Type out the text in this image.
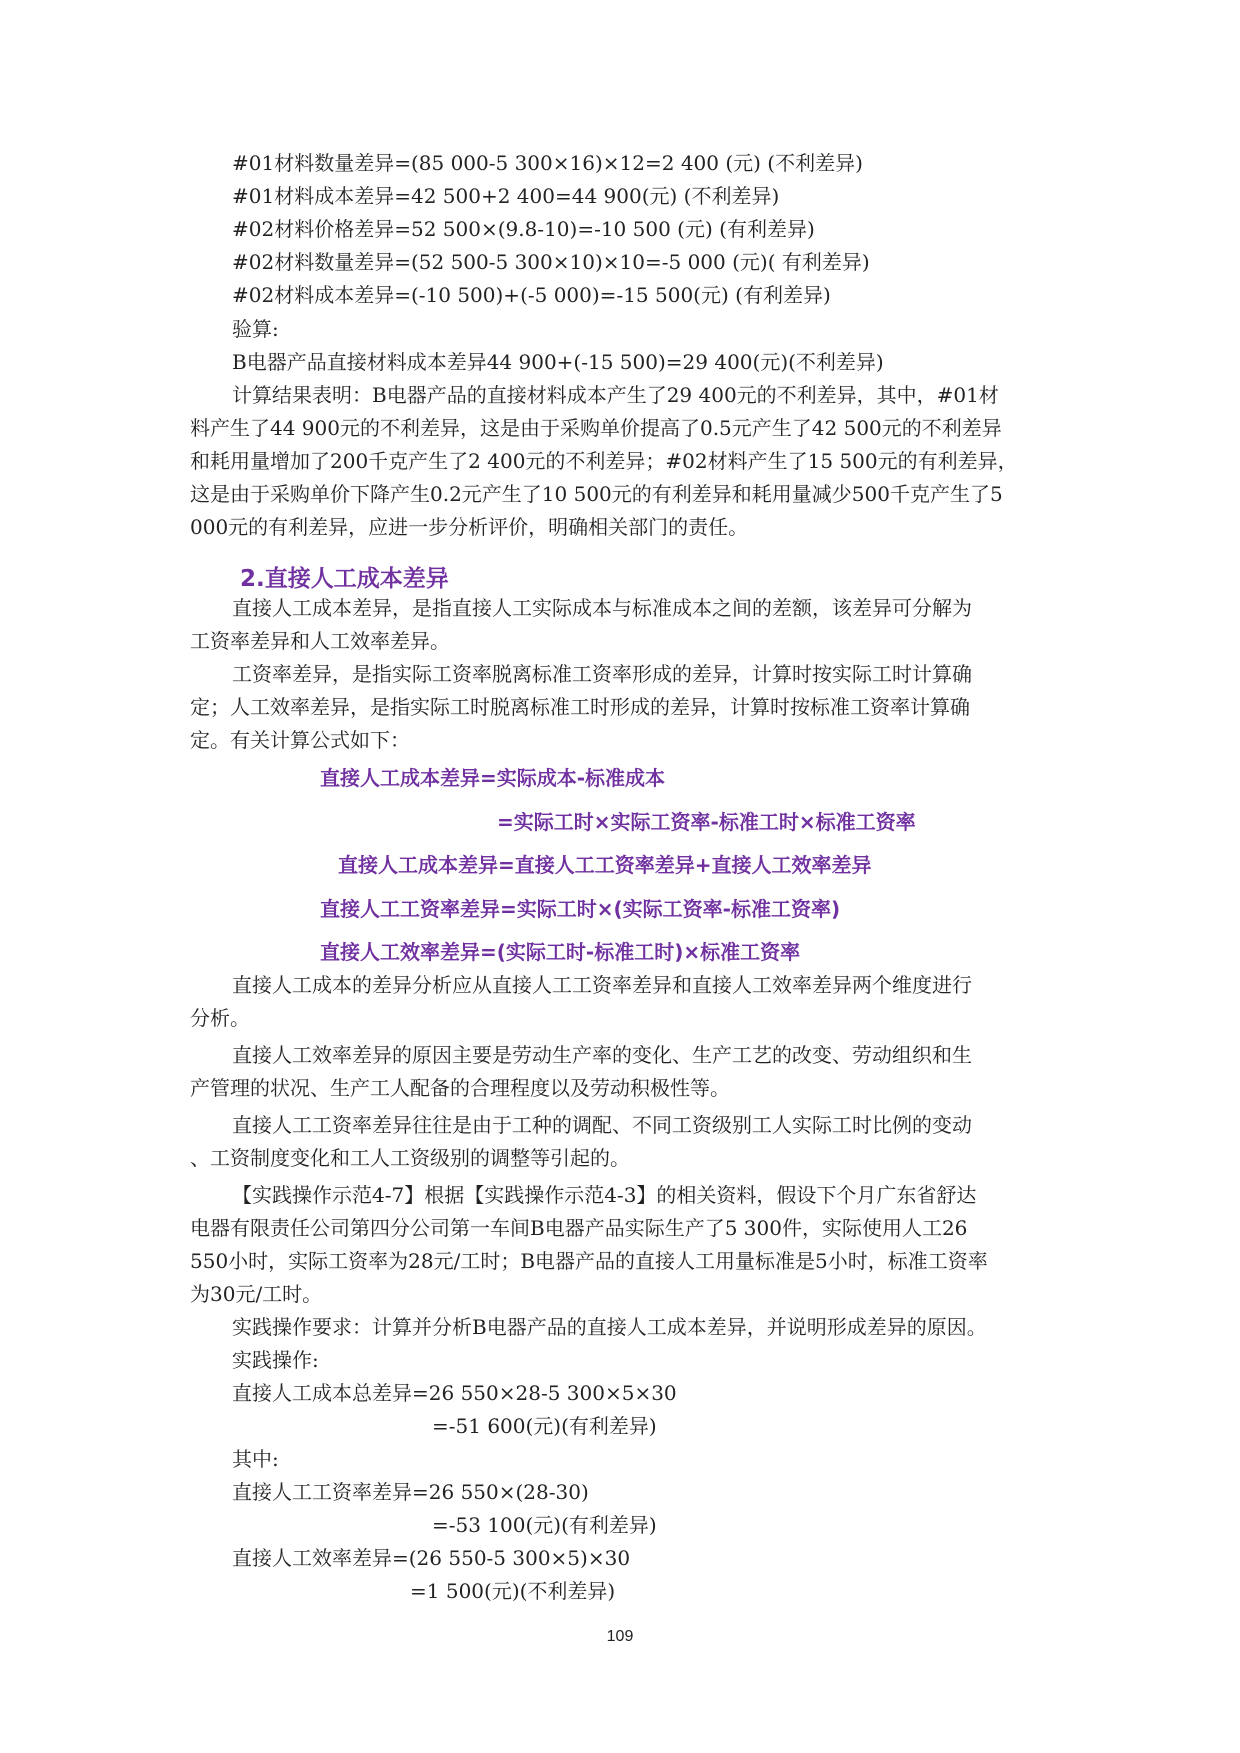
#01材料数量差异=(85 000-5 300×16)×12=2 400 (元) (不利差异)
#01材料成本差异=42 500+2 400=44 900(元) (不利差异)
#02材料价格差异=52 500×(9.8-10)=-10 500 (元) (有利差异)
#02材料数量差异=(52 500-5 300×10)×10=-5 000 (元)( 有利差异)
#02材料成本差异=(-10 500)+(-5 000)=-15 500(元) (有利差异)
验算:
B电器产品直接材料成本差异44 900+(-15 500)=29 400(元)(不利差异)
计算结果表明：B电器产品的直接材料成本产生了29 400元的不利差异，其中，#01材
料产生了44 900元的不利差异，这是由于采购单价提高了0.5元产生了42 500元的不利差异
和耗用量增加了200千克产生了2 400元的不利差异；#02材料产生了15 500元的有利差异，
这是由于采购单价下降产生0.2元产生了10 500元的有利差异和耗用量减少500千克产生了5
000元的有利差异，应进一步分析评价，明确相关部门的责任。
2.直接人工成本差异
直接人工成本差异，是指直接人工实际成本与标准成本之间的差额，该差异可分解为
工资率差异和人工效率差异。
工资率差异，是指实际工资率脱离标准工资率形成的差异，计算时按实际工时计算确
定；人工效率差异，是指实际工时脱离标准工时形成的差异，计算时按标准工资率计算确
定。有关计算公式如下：
直接人工成本差异=实际成本-标准成本
=实际工时×实际工资率-标准工时×标准工资率
直接人工成本差异=直接人工工资率差异+直接人工效率差异
直接人工工资率差异=实际工时×(实际工资率-标准工资率)
直接人工效率差异=(实际工时-标准工时)×标准工资率
直接人工成本的差异分析应从直接人工工资率差异和直接人工效率差异两个维度进行
分析。
直接人工效率差异的原因主要是劳动生产率的变化、生产工艺的改变、劳动组织和生
产管理的状况、生产工人配备的合理程度以及劳动积极性等。
直接人工工资率差异往往是由于工种的调配、不同工资级别工人实际工时比例的变动
、工资制度变化和工人工资级别的调整等引起的。
【实践操作示范4-7】根据【实践操作示范4-3】的相关资料，假设下个月广东省舒达
电器有限责任公司第四分公司第一车间B电器产品实际生产了5 300件，实际使用人工26
550小时，实际工资率为28元/工时；B电器产品的直接人工用量标准是5小时，标准工资率
为30元/工时。
实践操作要求：计算并分析B电器产品的直接人工成本差异，并说明形成差异的原因。
实践操作:
直接人工成本总差异=26 550×28-5 300×5×30
=-51 600(元)(有利差异)
其中:
直接人工工资率差异=26 550×(28-30)
=-53 100(元)(有利差异)
直接人工效率差异=(26 550-5 300×5)×30
=1 500(元)(不利差异)
109
